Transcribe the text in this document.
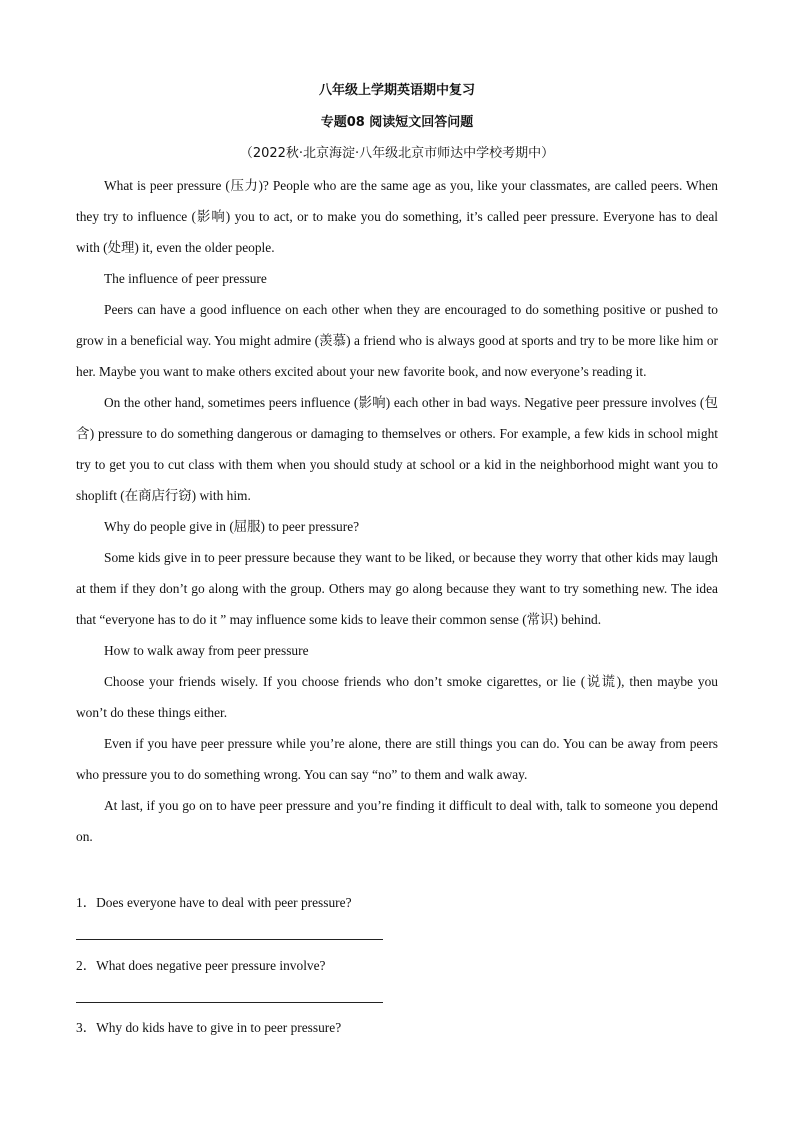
八年级上学期英语期中复习
专题08 阅读短文回答问题
（2022秋·北京海淀·八年级北京市师达中学校考期中）

What is peer pressure (压力)? People who are the same age as you, like your classmates, are called peers. When they try to influence (影响) you to act, or to make you do something, it’s called peer pressure. Everyone has to deal with (处理) it, even the older people.

The influence of peer pressure

Peers can have a good influence on each other when they are encouraged to do something positive or pushed to grow in a beneficial way. You might admire (羡慕) a friend who is always good at sports and try to be more like him or her. Maybe you want to make others excited about your new favorite book, and now everyone’s reading it.

On the other hand, sometimes peers influence (影响) each other in bad ways. Negative peer pressure involves (包含) pressure to do something dangerous or damaging to themselves or others. For example, a few kids in school might try to get you to cut class with them when you should study at school or a kid in the neighborhood might want you to shoplift (在商店行窃) with him.

Why do people give in (屈服) to peer pressure?

Some kids give in to peer pressure because they want to be liked, or because they worry that other kids may laugh at them if they don’t go along with the group. Others may go along because they want to try something new. The idea that “everyone has to do it ” may influence some kids to leave their common sense (常识) behind.

How to walk away from peer pressure

Choose your friends wisely. If you choose friends who don’t smoke cigarettes, or lie (说谎), then maybe you won’t do these things either.

Even if you have peer pressure while you’re alone, there are still things you can do. You can be away from peers who pressure you to do something wrong. You can say “no” to them and walk away.

At last, if you go on to have peer pressure and you’re finding it difficult to deal with, talk to someone you depend on.

1．Does everyone have to deal with peer pressure?
2．What does negative peer pressure involve?
3．Why do kids have to give in to peer pressure?
